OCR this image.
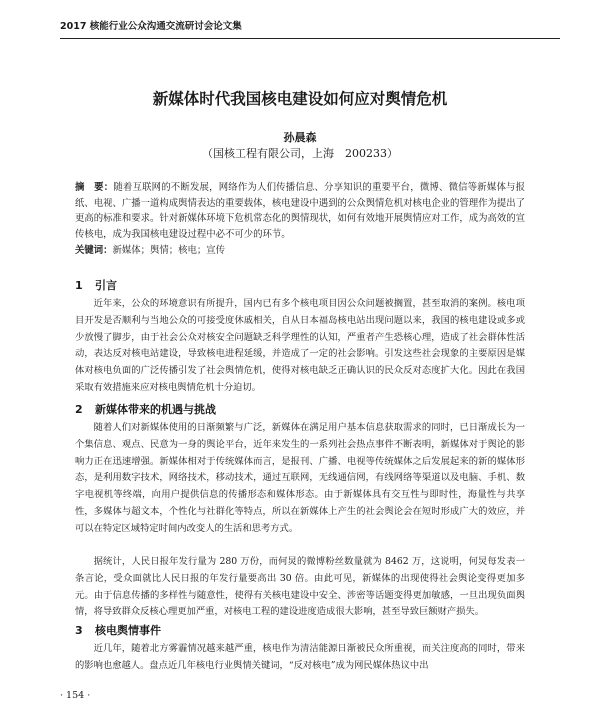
2017 核能行业公众沟通交流研讨会论文集
新媒体时代我国核电建设如何应对舆情危机
孙晨森
（国核工程有限公司，上海　200233）
摘　要：随着互联网的不断发展，网络作为人们传播信息、分享知识的重要平台，微博、微信等新媒体与报纸、电视、广播一道构成舆情表达的重要载体，核电建设中遇到的公众舆情危机对核电企业的管理作为提出了更高的标准和要求。针对新媒体环境下危机常态化的舆情现状，如何有效地开展舆情应对工作，成为高效的宣传核电，成为我国核电建设过程中必不可少的环节。
关键词：新媒体；舆情；核电；宣传
1 引言

近年来，公众的环境意识有所提升，国内已有多个核电项目因公众问题被搁置，甚至取消的案例。核电项目开发是否顺利与当地公众的可接受度休戚相关，自从日本福岛核电站出现问题以来，我国的核电建设或多或少放慢了脚步，由于社会公众对核安全问题缺乏科学理性的认知，严重者产生恐核心理，造成了社会群体性活动，表达反对核电站建设，导致核电进程延缓，并造成了一定的社会影响。引发这些社会现象的主要原因是媒体对核电负面的广泛传播引发了社会舆情危机，使得对核电缺乏正确认识的民众反对态度扩大化。因此在我国采取有效措施来应对核电舆情危机十分迫切。

2 新媒体带来的机遇与挑战

随着人们对新媒体使用的日渐频繁与广泛，新媒体在满足用户基本信息获取需求的同时，已日渐成长为一个集信息、观点、民意为一身的舆论平台，近年来发生的一系列社会热点事件不断表明，新媒体对于舆论的影响力正在迅速增强。新媒体相对于传统媒体而言，是报刊、广播、电视等传统媒体之后发展起来的新的媒体形态，是利用数字技术，网络技术，移动技术，通过互联网，无线通信网，有线网络等渠道以及电脑、手机、数字电视机等终端，向用户提供信息的传播形态和媒体形态。由于新媒体具有交互性与即时性，海量性与共享性，多媒体与超文本，个性化与社群化等特点，所以在新媒体上产生的社会舆论会在短时形成广大的效应，并可以在特定区域特定时间内改变人的生活和思考方式。

据统计，人民日报年发行量为 280 万份，而何炅的微博粉丝数量就为 8462 万，这说明，何炅每发表一条言论，受众面就比人民日报的年发行量要高出 30 倍。由此可见，新媒体的出现使得社会舆论变得更加多元。由于信息传播的多样性与随意性，使得有关核电建设中安全、涉密等话题变得更加敏感，一旦出现负面舆情，将导致群众反核心理更加严重，对核电工程的建设进度造成很大影响，甚至导致巨额财产损失。

3 核电舆情事件

近几年，随着北方雾霾情况越来越严重，核电作为清洁能源日渐被民众所重视，而关注度高的同时，带来的影响也愈越人。盘点近几年核电行业舆情关键词，“反对核电”成为网民媒体热议中出

· 154 ·
